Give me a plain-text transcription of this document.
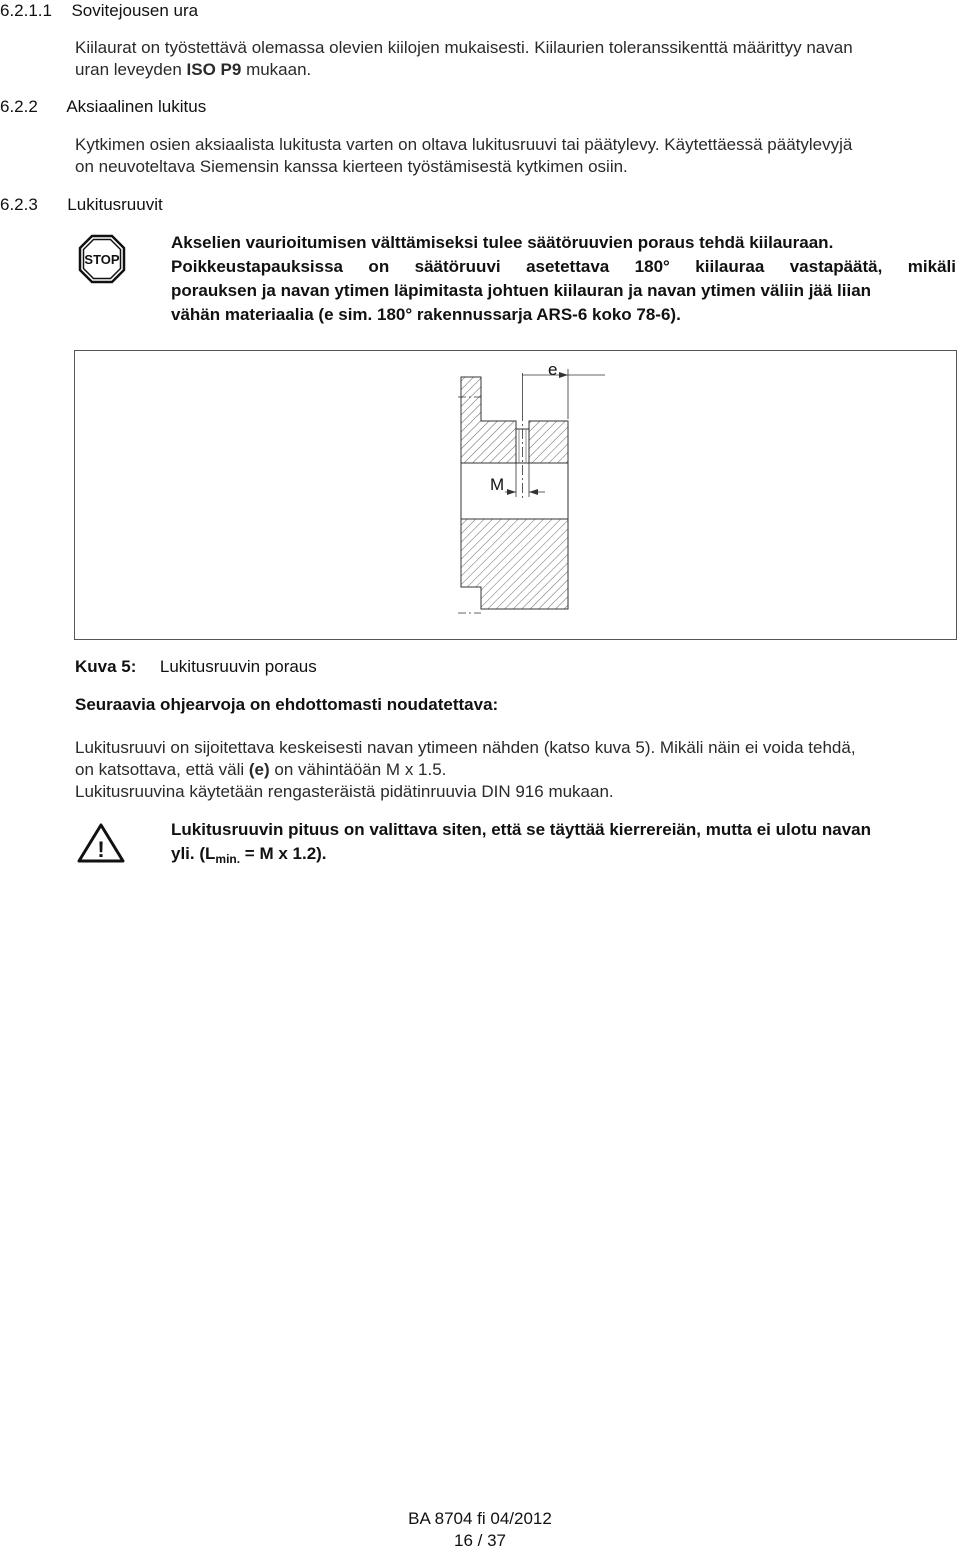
6.2.1.1 Sovitejousen ura
Kiilaurat on työstettävä olemassa olevien kiilojen mukaisesti. Kiilaurien toleranssikenttä määrittyy navan
uran leveyden ISO P9 mukaan.
6.2.2 Aksiaalinen lukitus
Kytkimen osien aksiaalista lukitusta varten on oltava lukitusruuvi tai päätylevy. Käytettäessä päätylevyjä
on neuvoteltava Siemensin kanssa kierteen työstämisestä kytkimen osiin.
6.2.3 Lukitusruuvit
STOP
Akselien vaurioitumisen välttämiseksi tulee säätöruuvien poraus tehdä kiilauraan.
Poikkeustapauksissa on säätöruuvi asetettava 180° kiilauraa vastapäätä, mikäli
porauksen ja navan ytimen läpimitasta johtuen kiilauran ja navan ytimen väliin jää liian
vähän materiaalia (e sim. 180° rakennussarja ARS-6 koko 78-6).
e
M
Kuva 5: Lukitusruuvin poraus
Seuraavia ohjearvoja on ehdottomasti noudatettava:
Lukitusruuvi on sijoitettava keskeisesti navan ytimeen nähden (katso kuva 5). Mikäli näin ei voida tehdä,
on katsottava, että väli (e) on vähintäöän M x 1.5.
Lukitusruuvina käytetään rengasteräistä pidätinruuvia DIN 916 mukaan.
!
Lukitusruuvin pituus on valittava siten, että se täyttää kierrereiän, mutta ei ulotu navan
yli. ($L_{min.} = M$ x 1.2).
BA 8704 fi 04/2012
16 / 37
